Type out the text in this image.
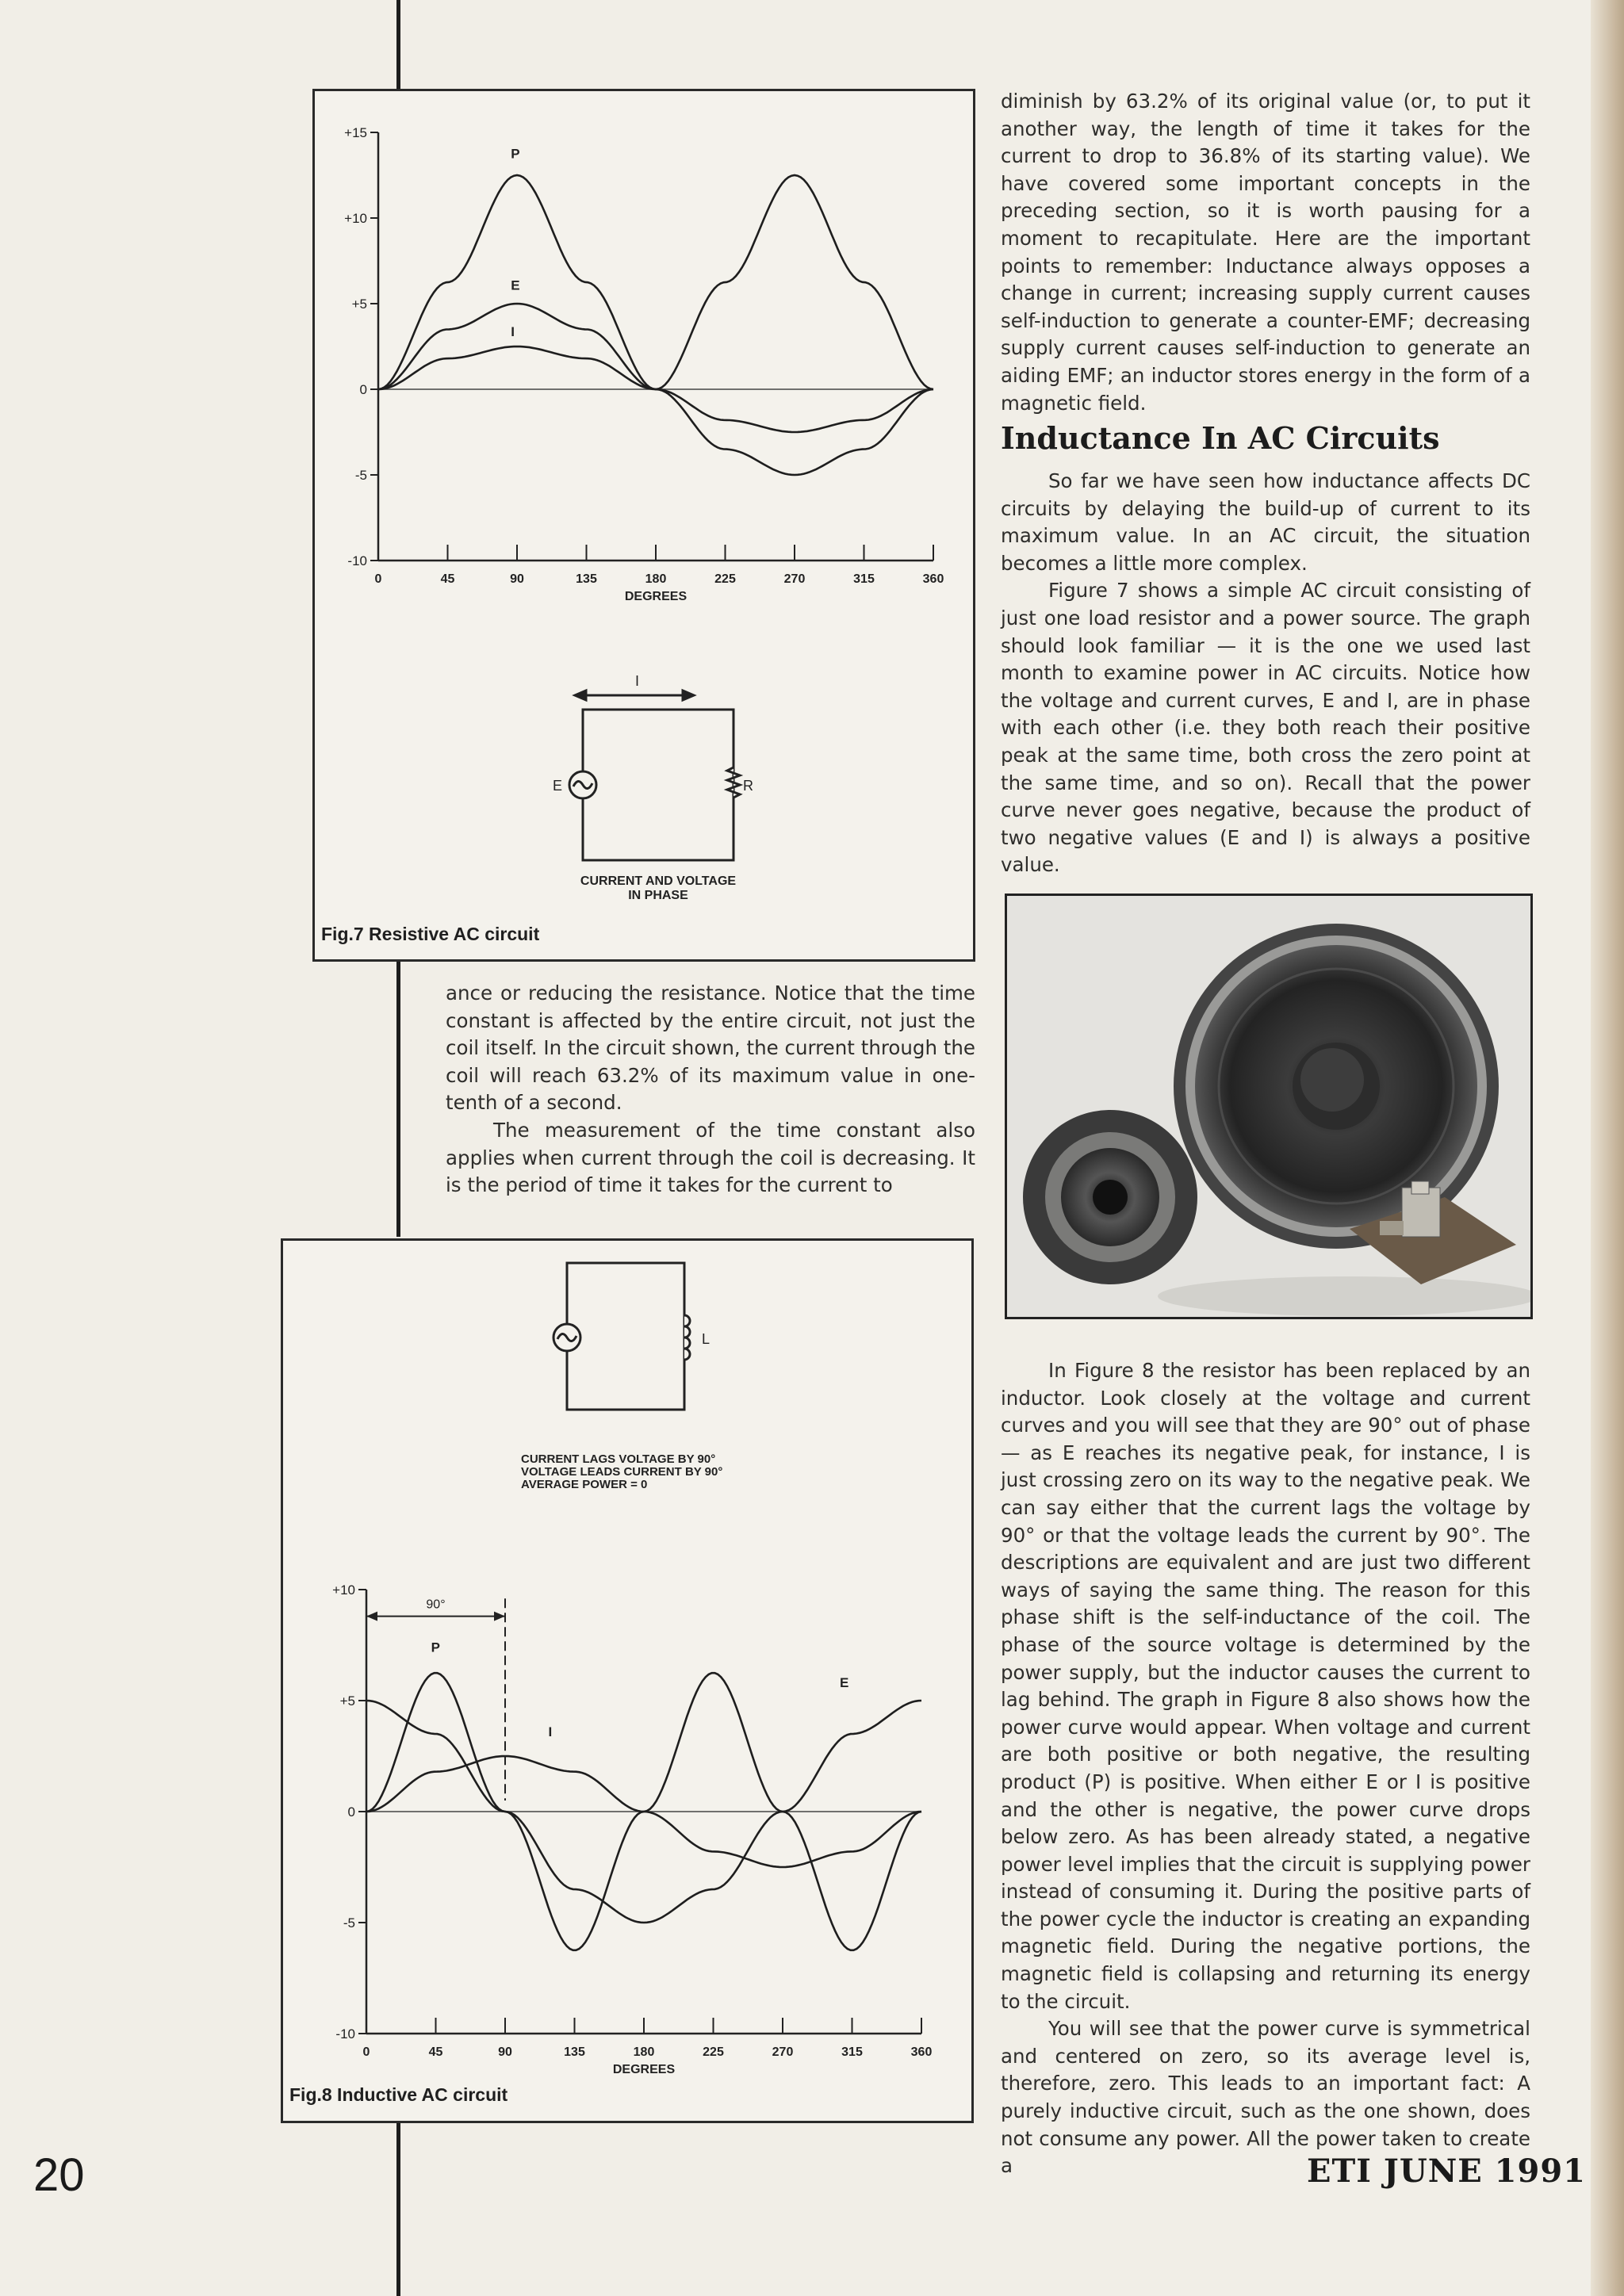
+15
+10
+5
0
-5
-10
0	45	90	135	180	225	270	315	360
DEGREES
P
E
I
I
E	R
CURRENT AND VOLTAGE
IN PHASE
Fig.7 Resistive AC circuit
+10
+5
0
-5
-10
0	45	90	135	180	225	270	315	360
DEGREES
P
E
I
90°
L
CURRENT LAGS VOLTAGE BY 90°
VOLTAGE LEADS CURRENT BY 90°
AVERAGE POWER = 0
Fig.8 Inductive AC circuit

diminish by 63.2% of its original value (or, to put it another way, the length of time it takes for the current to drop to 36.8% of its starting value). We have covered some important concepts in the preceding section, so it is worth pausing for a moment to recapitulate. Here are the important points to remember: Inductance always opposes a change in current; increasing supply current causes self-induction to generate a counter-EMF; decreasing supply current causes self-induction to generate an aiding EMF; an inductor stores energy in the form of a magnetic field.

Inductance In AC Circuits

So far we have seen how inductance affects DC circuits by delaying the build-up of current to its maximum value. In an AC circuit, the situation becomes a little more complex.

Figure 7 shows a simple AC circuit consisting of just one load resistor and a power source. The graph should look familiar — it is the one we used last month to examine power in AC circuits. Notice how the voltage and current curves, E and I, are in phase with each other (i.e. they both reach their positive peak at the same time, both cross the zero point at the same time, and so on). Recall that the power curve never goes negative, because the product of two negative values (E and I) is always a positive value.

ance or reducing the resistance. Notice that the time constant is affected by the entire circuit, not just the coil itself. In the circuit shown, the current through the coil will reach 63.2% of its maximum value in one-tenth of a second.

The measurement of the time constant also applies when current through the coil is decreasing. It is the period of time it takes for the current to

In Figure 8 the resistor has been replaced by an inductor. Look closely at the voltage and current curves and you will see that they are 90° out of phase — as E reaches its negative peak, for instance, I is just crossing zero on its way to the negative peak. We can say either that the current lags the voltage by 90° or that the voltage leads the current by 90°. The descriptions are equivalent and are just two different ways of saying the same thing. The reason for this phase shift is the self-inductance of the coil. The phase of the source voltage is determined by the power supply, but the inductor causes the current to lag behind. The graph in Figure 8 also shows how the power curve would appear. When voltage and current are both positive or both negative, the resulting product (P) is positive. When either E or I is positive and the other is negative, the power curve drops below zero. As has been already stated, a negative power level implies that the circuit is supplying power instead of consuming it. During the positive parts of the power cycle the inductor is creating an expanding magnetic field. During the negative portions, the magnetic field is collapsing and returning its energy to the circuit.

You will see that the power curve is symmetrical and centered on zero, so its average level is, therefore, zero. This leads to an important fact: A purely inductive circuit, such as the one shown, does not consume any power. All the power taken to create a

20	ETI JUNE 1991
